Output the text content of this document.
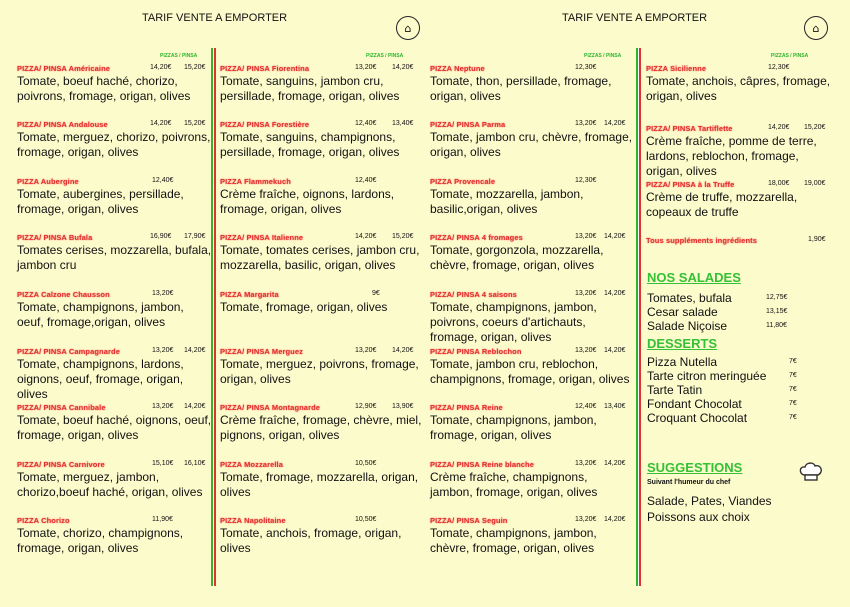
TARIF VENTE A EMPORTER
⌂
TARIF VENTE A EMPORTER
⌂
PIZZAS / PINSA	PIZZAS / PINSA	PIZZAS / PINSA	PIZZAS / PINSA
PIZZA/ PINSA Américaine	14,20€ 15,20€
Tomate, boeuf haché, chorizo, poivrons, fromage, origan, olives
PIZZA/ PINSA Andalouse	14,20€ 15,20€
Tomate, merguez, chorizo, poivrons, fromage, origan, olives
PIZZA Aubergine	12,40€
Tomate, aubergines, persillade, fromage, origan, olives
PIZZA/ PINSA Bufala	16,90€ 17,90€
Tomates cerises, mozzarella, bufala, jambon cru
PIZZA Calzone Chausson	13,20€
Tomate, champignons, jambon, oeuf, fromage,origan, olives
PIZZA/ PINSA Campagnarde	13,20€ 14,20€
Tomate, champignons, lardons, oignons, oeuf, fromage, origan, olives
PIZZA/ PINSA Cannibale	13,20€ 14,20€
Tomate, boeuf haché, oignons, oeuf, fromage, origan, olives
PIZZA/ PINSA Carnivore	15,10€ 16,10€
Tomate, merguez, jambon, chorizo,boeuf haché, origan, olives
PIZZA Chorizo	11,90€
Tomate, chorizo, champignons, fromage, origan, olives
PIZZA/ PINSA Fiorentina	13,20€ 14,20€
Tomate, sanguins, jambon cru, persillade, fromage, origan, olives
PIZZA/ PINSA Forestière	12,40€ 13,40€
Tomate, sanguins, champignons, persillade, fromage, origan, olives
PIZZA Flammekuch	12,40€
Crème fraîche, oignons, lardons, fromage, origan, olives
PIZZA/ PINSA Italienne	14,20€ 15,20€
Tomate, tomates cerises, jambon cru, mozzarella, basilic, origan, olives
PIZZA Margarita	9€
Tomate, fromage, origan, olives
PIZZA/ PINSA Merguez	13,20€ 14,20€
Tomate, merguez, poivrons, fromage, origan, olives
PIZZA/ PINSA Montagnarde	12,90€ 13,90€
Crème fraîche, fromage, chèvre, miel, pignons, origan, olives
PIZZA Mozzarella	10,50€
Tomate, fromage, mozzarella, origan, olives
PIZZA Napolitaine	10,50€
Tomate, anchois, fromage, origan, olives
PIZZA Neptune	12,30€
Tomate, thon, persillade, fromage, origan, olives
PIZZA/ PINSA Parma	13,20€ 14,20€
Tomate, jambon cru, chèvre, fromage, origan, olives
PIZZA Provencale	12,30€
Tomate, mozzarella, jambon, basilic,origan, olives
PIZZA/ PINSA 4 fromages	13,20€ 14,20€
Tomate, gorgonzola, mozzarella, chèvre, fromage, origan, olives
PIZZA/ PINSA 4 saisons	13,20€ 14,20€
Tomate, champignons, jambon, poivrons, coeurs d'artichauts, fromage, origan, olives
PIZZA/ PINSA Reblochon	13,20€ 14,20€
Tomate, jambon cru, reblochon, champignons, fromage, origan, olives
PIZZA/ PINSA Reine	12,40€ 13,40€
Tomate, champignons, jambon, fromage, origan, olives
PIZZA/ PINSA Reine blanche	13,20€ 14,20€
Crème fraîche, champignons, jambon, fromage, origan, olives
PIZZA/ PINSA Seguin	13,20€ 14,20€
Tomate, champignons, jambon, chèvre, fromage, origan, olives
PIZZA Sicilienne	12,30€
Tomate, anchois, câpres, fromage, origan, olives
PIZZA/ PINSA Tartiflette	14,20€ 15,20€
Crème fraîche, pomme de terre, lardons, reblochon, fromage, origan, olives
PIZZA/ PINSA à la Truffe	18,00€ 19,00€
Crème de truffe, mozzarella, copeaux de truffe
Tous suppléments ingrédients	1,90€
NOS SALADES
Tomates, bufala	12,75€
Cesar salade	13,15€
Salade Niçoise	11,80€
DESSERTS
Pizza Nutella	7€
Tarte citron meringuée	7€
Tarte Tatin	7€
Fondant Chocolat	7€
Croquant Chocolat	7€
SUGGESTIONS
Suivant l'humeur du chef
Salade, Pates, Viandes
Poissons aux choix
